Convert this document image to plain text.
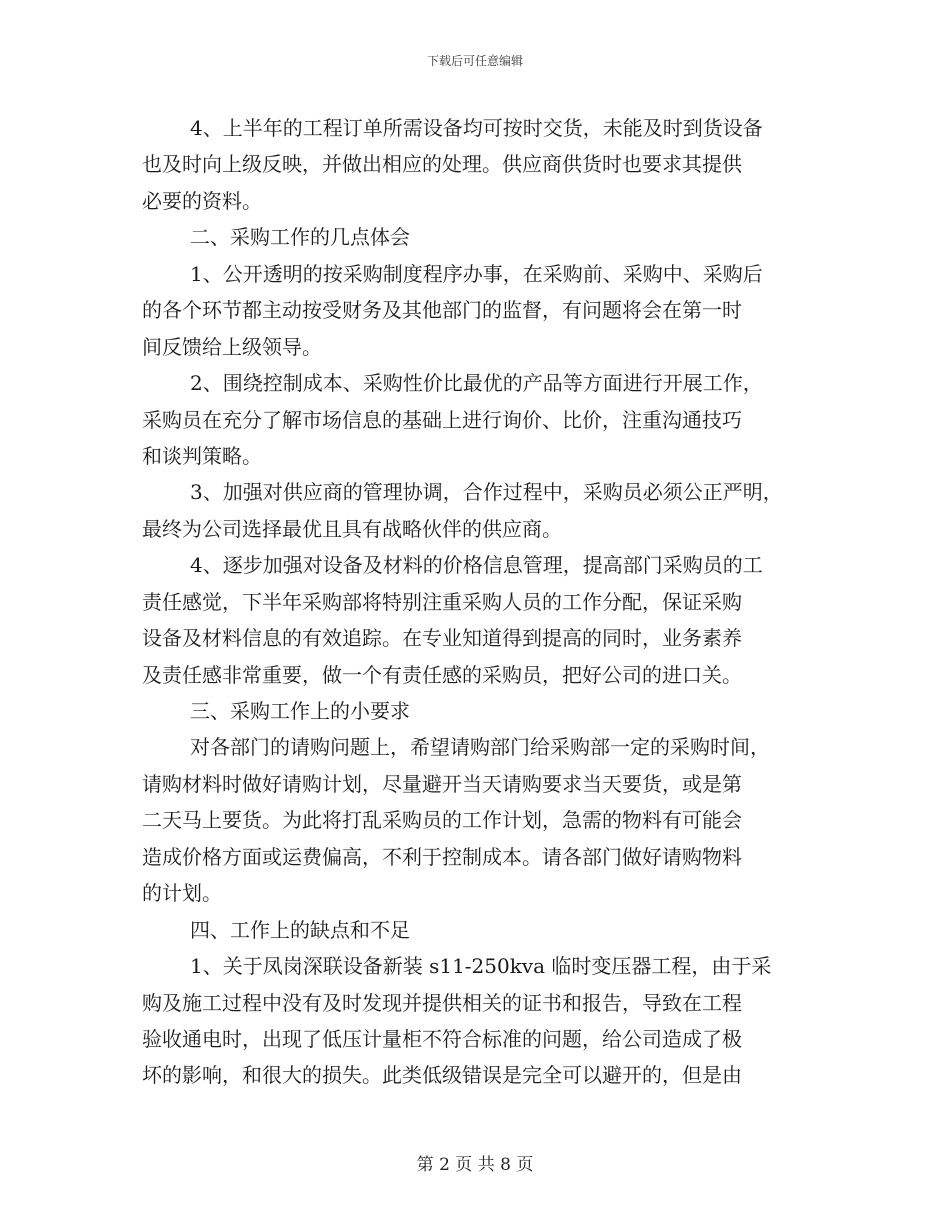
下载后可任意编辑
4、上半年的工程订单所需设备均可按时交货，未能及时到货设备
也及时向上级反映，并做出相应的处理。供应商供货时也要求其提供
必要的资料。
二、采购工作的几点体会
1、公开透明的按采购制度程序办事，在采购前、采购中、采购后
的各个环节都主动按受财务及其他部门的监督，有问题将会在第一时
间反馈给上级领导。
2、围绕控制成本、采购性价比最优的产品等方面进行开展工作，
采购员在充分了解市场信息的基础上进行询价、比价，注重沟通技巧
和谈判策略。
3、加强对供应商的管理协调，合作过程中，采购员必须公正严明，
最终为公司选择最优且具有战略伙伴的供应商。
4、逐步加强对设备及材料的价格信息管理，提高部门采购员的工
责任感觉，下半年采购部将特别注重采购人员的工作分配，保证采购
设备及材料信息的有效追踪。在专业知道得到提高的同时，业务素养
及责任感非常重要，做一个有责任感的采购员，把好公司的进口关。
三、采购工作上的小要求
对各部门的请购问题上，希望请购部门给采购部一定的采购时间，
请购材料时做好请购计划，尽量避开当天请购要求当天要货，或是第
二天马上要货。为此将打乱采购员的工作计划，急需的物料有可能会
造成价格方面或运费偏高，不利于控制成本。请各部门做好请购物料
的计划。
四、工作上的缺点和不足
1、关于凤岗深联设备新装 s11-250kva 临时变压器工程，由于采
购及施工过程中没有及时发现并提供相关的证书和报告，导致在工程
验收通电时，出现了低压计量柜不符合标准的问题，给公司造成了极
坏的影响，和很大的损失。此类低级错误是完全可以避开的，但是由
第 2 页 共 8 页
